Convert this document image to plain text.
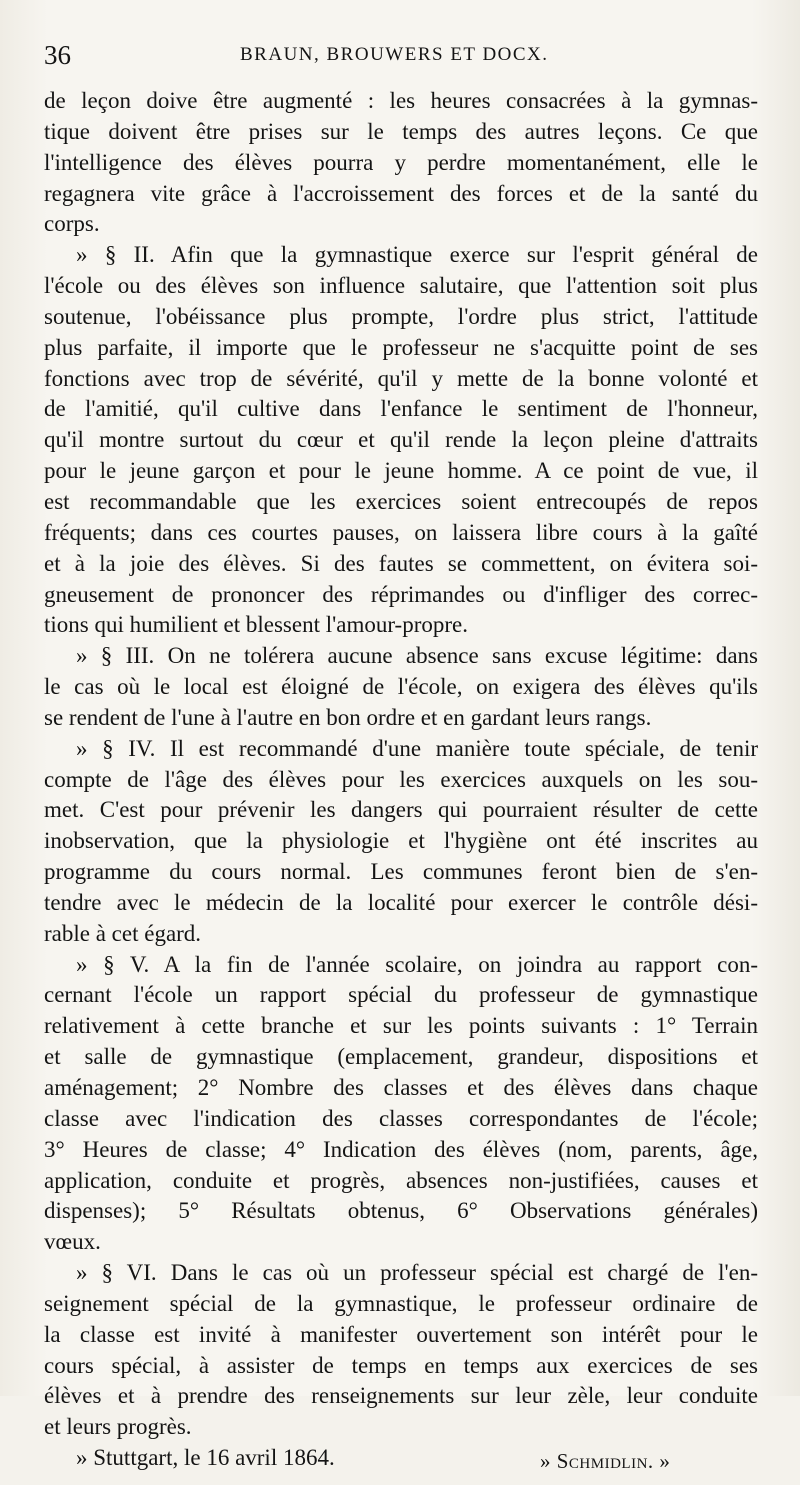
36	BRAUN, BROUWERS ET DOCX.
de leçon doive être augmenté : les heures consacrées à la gymnas-
tique doivent être prises sur le temps des autres leçons. Ce que
l'intelligence des élèves pourra y perdre momentanément, elle le
regagnera vite grâce à l'accroissement des forces et de la santé du
corps.
» § II. Afin que la gymnastique exerce sur l'esprit général de
l'école ou des élèves son influence salutaire, que l'attention soit plus
soutenue, l'obéissance plus prompte, l'ordre plus strict, l'attitude
plus parfaite, il importe que le professeur ne s'acquitte point de ses
fonctions avec trop de sévérité, qu'il y mette de la bonne volonté et
de l'amitié, qu'il cultive dans l'enfance le sentiment de l'honneur,
qu'il montre surtout du cœur et qu'il rende la leçon pleine d'attraits
pour le jeune garçon et pour le jeune homme. A ce point de vue, il
est recommandable que les exercices soient entrecoupés de repos
fréquents; dans ces courtes pauses, on laissera libre cours à la gaîté
et à la joie des élèves. Si des fautes se commettent, on évitera soi-
gneusement de prononcer des réprimandes ou d'infliger des correc-
tions qui humilient et blessent l'amour-propre.
» § III. On ne tolérera aucune absence sans excuse légitime: dans
le cas où le local est éloigné de l'école, on exigera des élèves qu'ils
se rendent de l'une à l'autre en bon ordre et en gardant leurs rangs.
» § IV. Il est recommandé d'une manière toute spéciale, de tenir
compte de l'âge des élèves pour les exercices auxquels on les sou-
met. C'est pour prévenir les dangers qui pourraient résulter de cette
inobservation, que la physiologie et l'hygiène ont été inscrites au
programme du cours normal. Les communes feront bien de s'en-
tendre avec le médecin de la localité pour exercer le contrôle dési-
rable à cet égard.
» § V. A la fin de l'année scolaire, on joindra au rapport con-
cernant l'école un rapport spécial du professeur de gymnastique
relativement à cette branche et sur les points suivants : 1° Terrain
et salle de gymnastique (emplacement, grandeur, dispositions et
aménagement; 2° Nombre des classes et des élèves dans chaque
classe avec l'indication des classes correspondantes de l'école;
3° Heures de classe; 4° Indication des élèves (nom, parents, âge,
application, conduite et progrès, absences non-justifiées, causes et
dispenses); 5° Résultats obtenus, 6° Observations générales)
vœux.
» § VI. Dans le cas où un professeur spécial est chargé de l'en-
seignement spécial de la gymnastique, le professeur ordinaire de
la classe est invité à manifester ouvertement son intérêt pour le
cours spécial, à assister de temps en temps aux exercices de ses
élèves et à prendre des renseignements sur leur zèle, leur conduite
et leurs progrès.
» Stuttgart, le 16 avril 1864.	» Schmidlin. »
